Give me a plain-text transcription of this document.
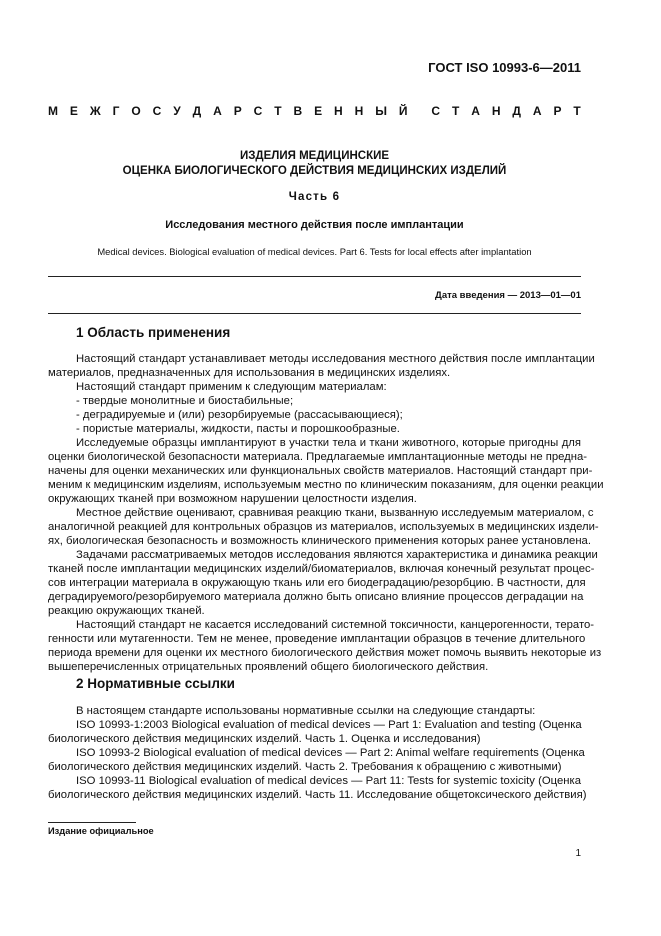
ГОСТ ISO 10993-6—2011
М Е Ж Г О С У Д А Р С Т В Е Н Н Ы Й С Т А Н Д А Р Т
ИЗДЕЛИЯ МЕДИЦИНСКИЕ
ОЦЕНКА БИОЛОГИЧЕСКОГО ДЕЙСТВИЯ МЕДИЦИНСКИХ ИЗДЕЛИЙ
Часть 6
Исследования местного действия после имплантации
Medical devices. Biological evaluation of medical devices. Part 6. Tests for local effects after implantation
Дата введения — 2013—01—01
1 Область применения
Настоящий стандарт устанавливает методы исследования местного действия после имплантации
материалов, предназначенных для использования в медицинских изделиях.
Настоящий стандарт применим к следующим материалам:
- твердые монолитные и биостабильные;
- деградируемые и (или) резорбируемые (рассасывающиеся);
- пористые материалы, жидкости, пасты и порошкообразные.
Исследуемые образцы имплантируют в участки тела и ткани животного, которые пригодны для
оценки биологической безопасности материала. Предлагаемые имплантационные методы не предна-
начены для оценки механических или функциональных свойств материалов. Настоящий стандарт при-
меним к медицинским изделиям, используемым местно по клиническим показаниям, для оценки реакции
окружающих тканей при возможном нарушении целостности изделия.
Местное действие оценивают, сравнивая реакцию ткани, вызванную исследуемым материалом, с
аналогичной реакцией для контрольных образцов из материалов, используемых в медицинских издели-
ях, биологическая безопасность и возможность клинического применения которых ранее установлена.
Задачами рассматриваемых методов исследования являются характеристика и динамика реакции
тканей после имплантации медицинских изделий/биоматериалов, включая конечный результат процес-
сов интеграции материала в окружающую ткань или его биодеградацию/резорбцию. В частности, для
деградируемого/резорбируемого материала должно быть описано влияние процессов деградации на
реакцию окружающих тканей.
Настоящий стандарт не касается исследований системной токсичности, канцерогенности, терато-
генности или мутагенности. Тем не менее, проведение имплантации образцов в течение длительного
периода времени для оценки их местного биологического действия может помочь выявить некоторые из
вышеперечисленных отрицательных проявлений общего биологического действия.
2 Нормативные ссылки
В настоящем стандарте использованы нормативные ссылки на следующие стандарты:
ISO 10993-1:2003 Biological evaluation of medical devices — Part 1: Evaluation and testing (Оценка
биологического действия медицинских изделий. Часть 1. Оценка и исследования)
ISO 10993-2 Biological evaluation of medical devices — Part 2: Animal welfare requirements (Оценка
биологического действия медицинских изделий. Часть 2. Требования к обращению с животными)
ISO 10993-11 Biological evaluation of medical devices — Part 11: Tests for systemic toxicity (Оценка
биологического действия медицинских изделий. Часть 11. Исследование общетоксического действия)
Издание официальное
1
